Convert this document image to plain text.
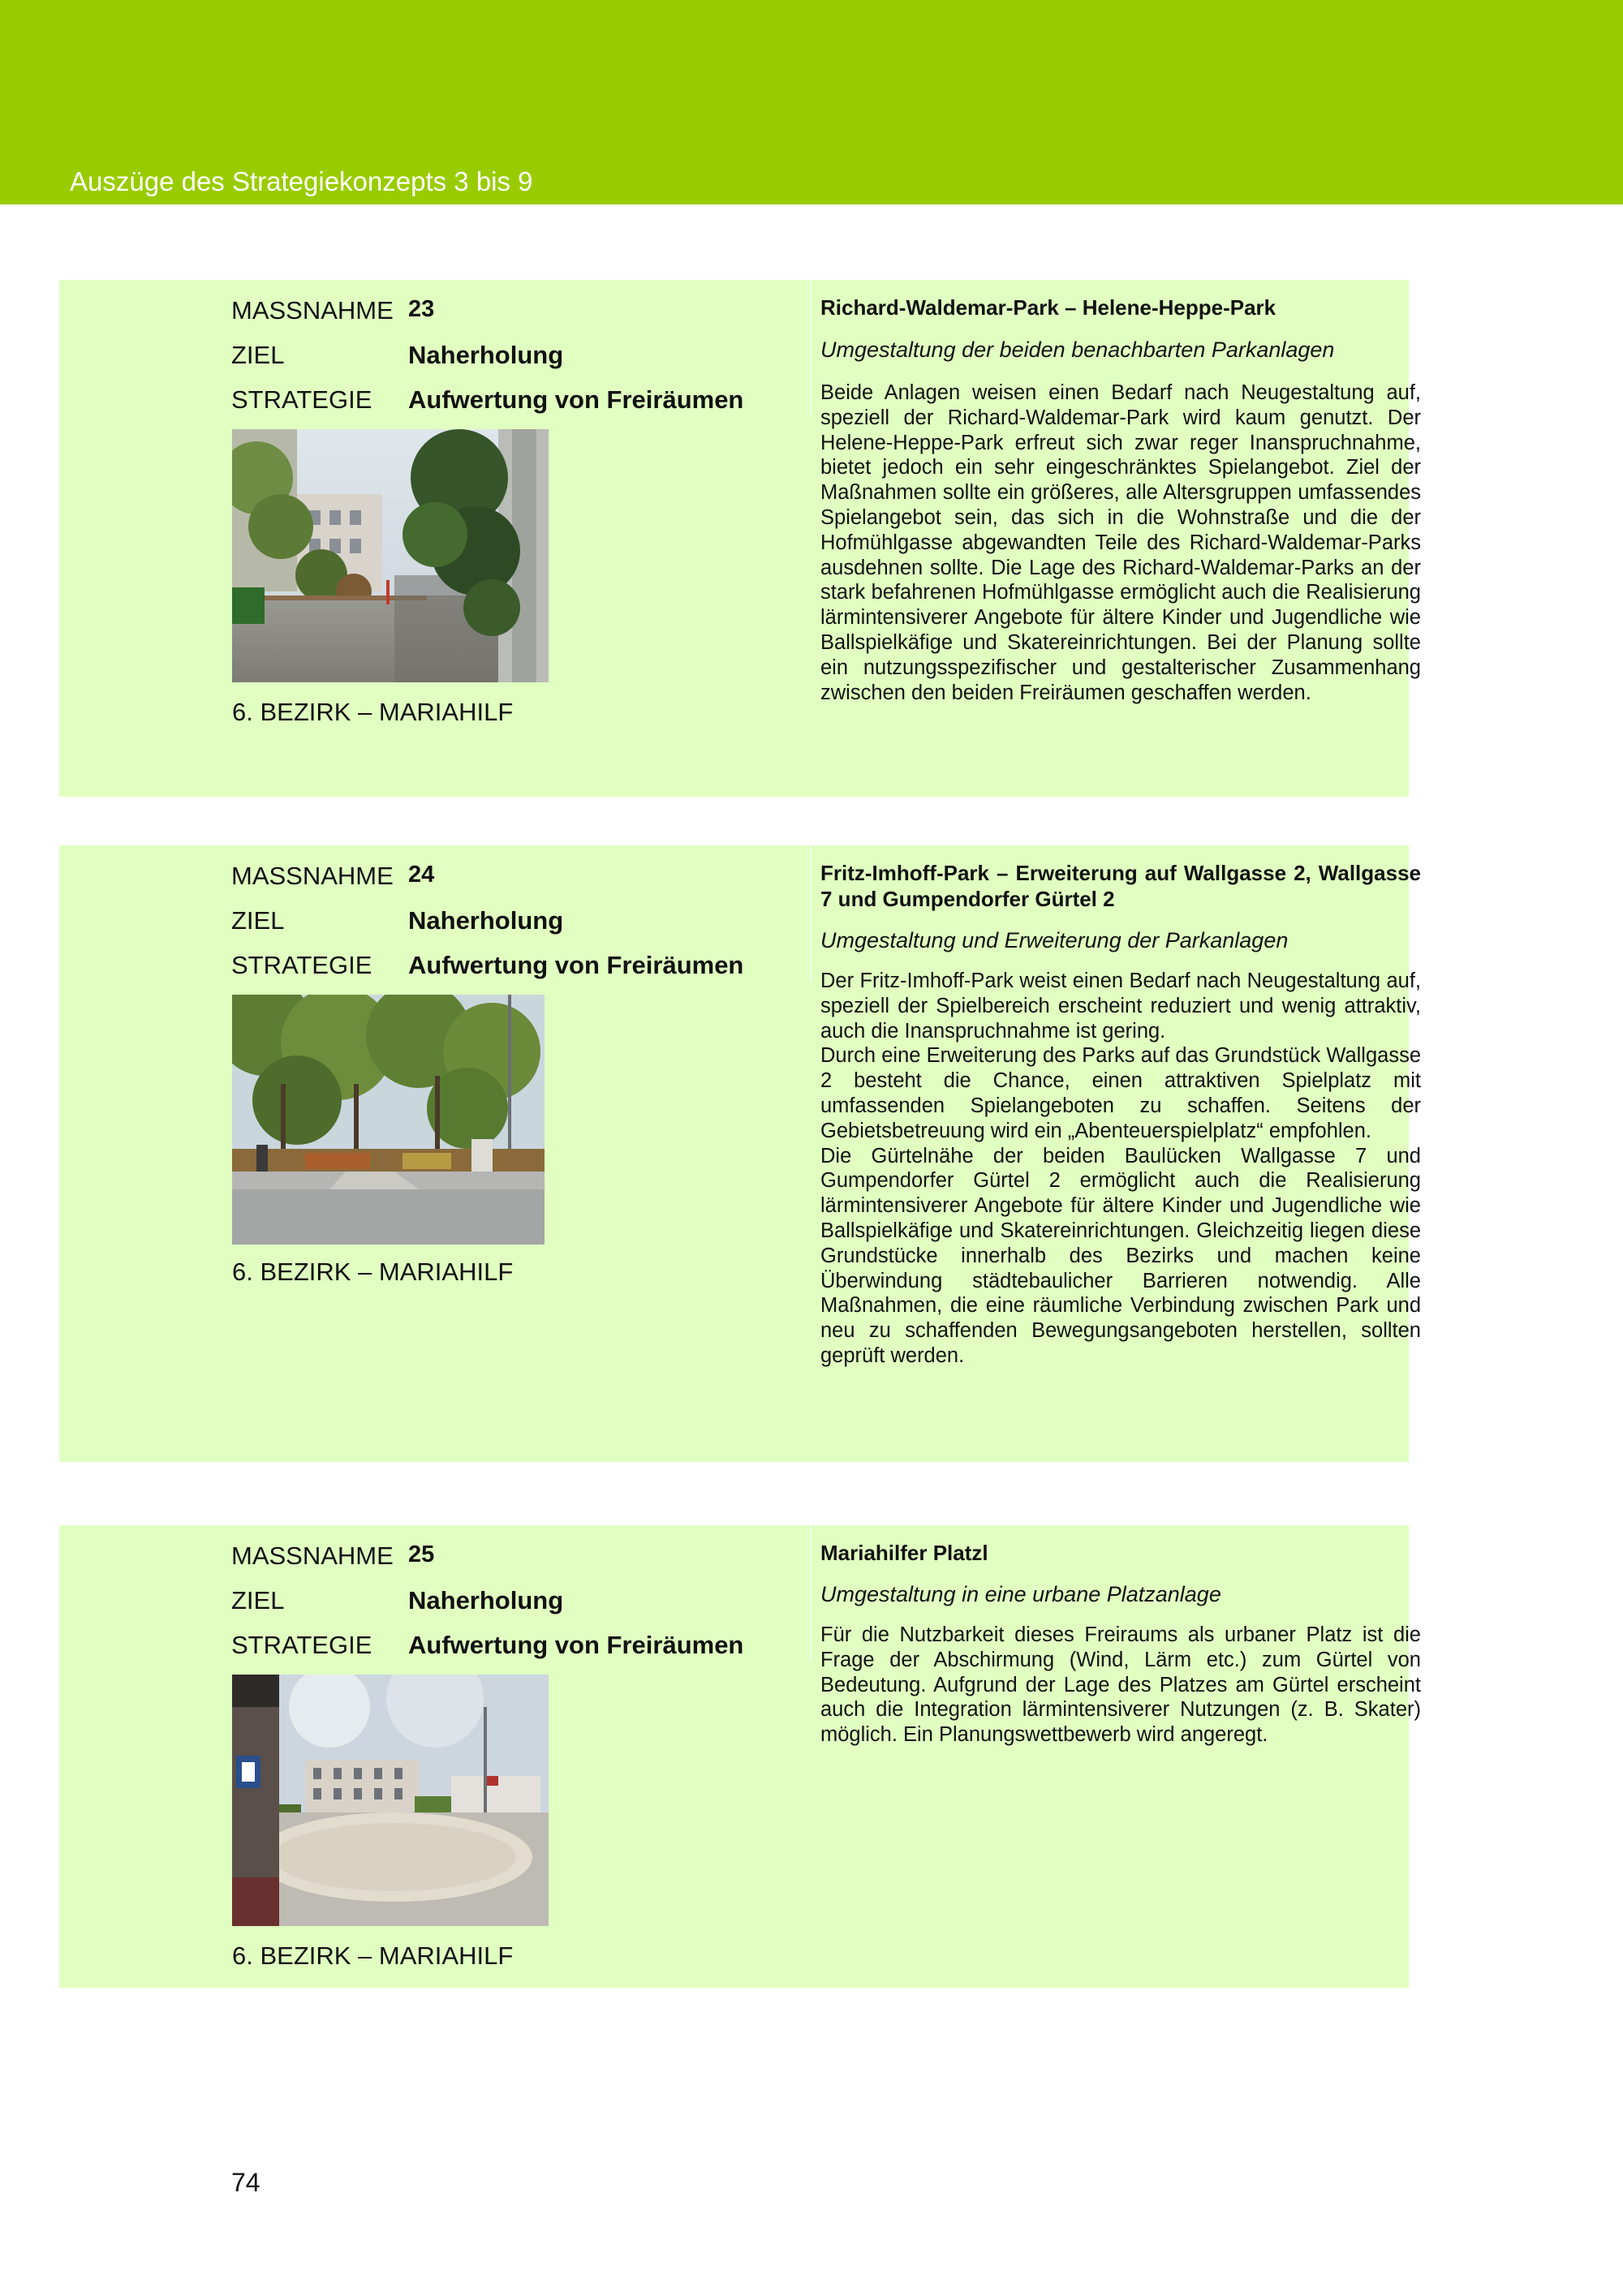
Auszüge des Strategiekonzepts 3 bis 9
MASSNAHME 23
ZIEL	Naherholung
STRATEGIE Aufwertung von Freiräumen
6. BEZIRK – MARIAHILF
Richard-Waldemar-Park – Helene-Heppe-Park
Umgestaltung der beiden benachbarten Parkanlagen

Beide Anlagen weisen einen Bedarf nach Neugestaltung auf, speziell der Richard-Waldemar-Park wird kaum genutzt. Der Helene-Heppe-Park erfreut sich zwar reger Inanspruchnahme, bietet jedoch ein sehr eingeschränktes Spielangebot. Ziel der Maßnahmen sollte ein größeres, alle Altersgruppen umfassendes Spielangebot sein, das sich in die Wohnstraße und die der Hofmühlgasse abgewandten Teile des Richard-Waldemar-Parks ausdehnen sollte. Die Lage des Richard-Waldemar-Parks an der stark befahrenen Hofmühlgasse ermöglicht auch die Realisierung lärmintensiverer Angebote für ältere Kinder und Jugendliche wie Ballspielkäfige und Skatereinrichtungen. Bei der Planung sollte ein nutzungsspezifischer und gestalterischer Zusammenhang zwischen den beiden Freiräumen geschaffen werden.

MASSNAHME 24
ZIEL	Naherholung
STRATEGIE Aufwertung von Freiräumen
6. BEZIRK – MARIAHILF
Fritz-Imhoff-Park – Erweiterung auf Wallgasse 2, Wallgasse 7 und Gumpendorfer Gürtel 2
Umgestaltung und Erweiterung der Parkanlagen

Der Fritz-Imhoff-Park weist einen Bedarf nach Neugestaltung auf, speziell der Spielbereich erscheint reduziert und wenig attraktiv, auch die Inanspruchnahme ist gering.

Durch eine Erweiterung des Parks auf das Grundstück Wallgasse 2 besteht die Chance, einen attraktiven Spielplatz mit umfassenden Spielangeboten zu schaffen. Seitens der Gebietsbetreuung wird ein „Abenteuerspielplatz“ empfohlen.

Die Gürtelnähe der beiden Baulücken Wallgasse 7 und Gumpendorfer Gürtel 2 ermöglicht auch die Realisierung lärmintensiverer Angebote für ältere Kinder und Jugendliche wie Ballspielkäfige und Skatereinrichtungen. Gleichzeitig liegen diese Grundstücke innerhalb des Bezirks und machen keine Überwindung städtebaulicher Barrieren notwendig. Alle Maßnahmen, die eine räumliche Verbindung zwischen Park und neu zu schaffenden Bewegungsangeboten herstellen, sollten geprüft werden.

MASSNAHME 25
ZIEL	Naherholung
STRATEGIE Aufwertung von Freiräumen
6. BEZIRK – MARIAHILF
Mariahilfer Platzl
Umgestaltung in eine urbane Platzanlage

Für die Nutzbarkeit dieses Freiraums als urbaner Platz ist die Frage der Abschirmung (Wind, Lärm etc.) zum Gürtel von Bedeutung. Aufgrund der Lage des Platzes am Gürtel erscheint auch die Integration lärmintensiverer Nutzungen (z. B. Skater) möglich. Ein Planungswettbewerb wird angeregt.

74
